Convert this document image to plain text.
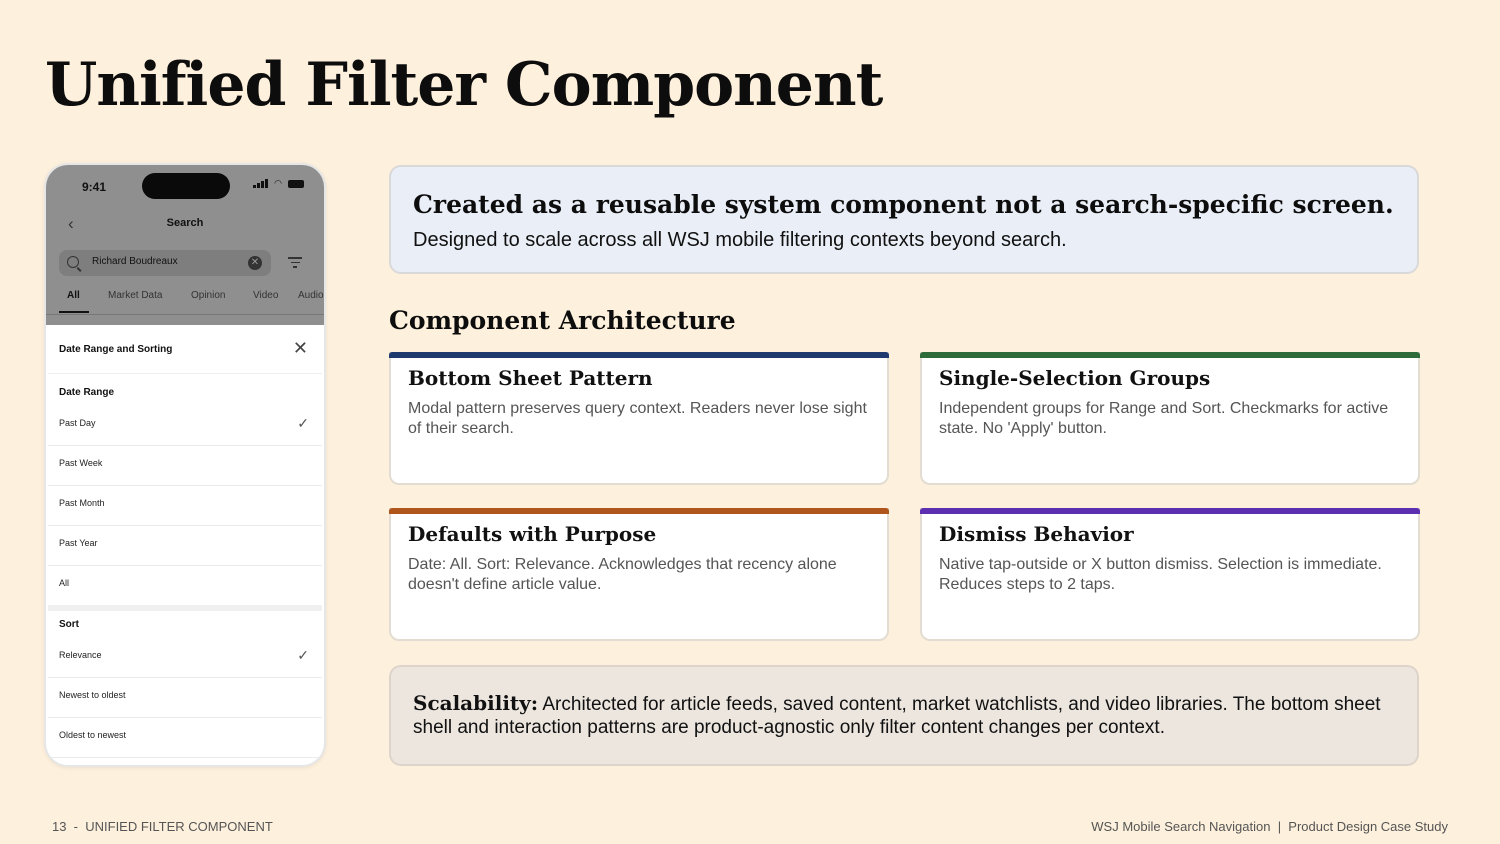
Unified Filter Component
9:41	◠
‹	Search
Richard Boudreaux	✕
All	Market Data	Opinion	Video Audio
Date Range and Sorting	✕
Date Range
Past Day	✓
Past Week
Past Month
Past Year
All
Sort
Relevance	✓
Newest to oldest
Oldest to newest
Created as a reusable system component not a search-specific screen.
Designed to scale across all WSJ mobile filtering contexts beyond search.
Component Architecture
Bottom Sheet Pattern

Modal pattern preserves query context. Readers never lose sight of their search.

Single-Selection Groups

Independent groups for Range and Sort. Checkmarks for active state. No 'Apply' button.

Defaults with Purpose

Date: All. Sort: Relevance. Acknowledges that recency alone doesn't define article value.

Dismiss Behavior

Native tap-outside or X button dismiss. Selection is immediate. Reduces steps to 2 taps.

Scalability: Architected for article feeds, saved content, market watchlists, and video libraries. The bottom sheet shell and interaction patterns are product-agnostic only filter content changes per context.

13  -  UNIFIED FILTER COMPONENT	WSJ Mobile Search Navigation  |  Product Design Case Study
